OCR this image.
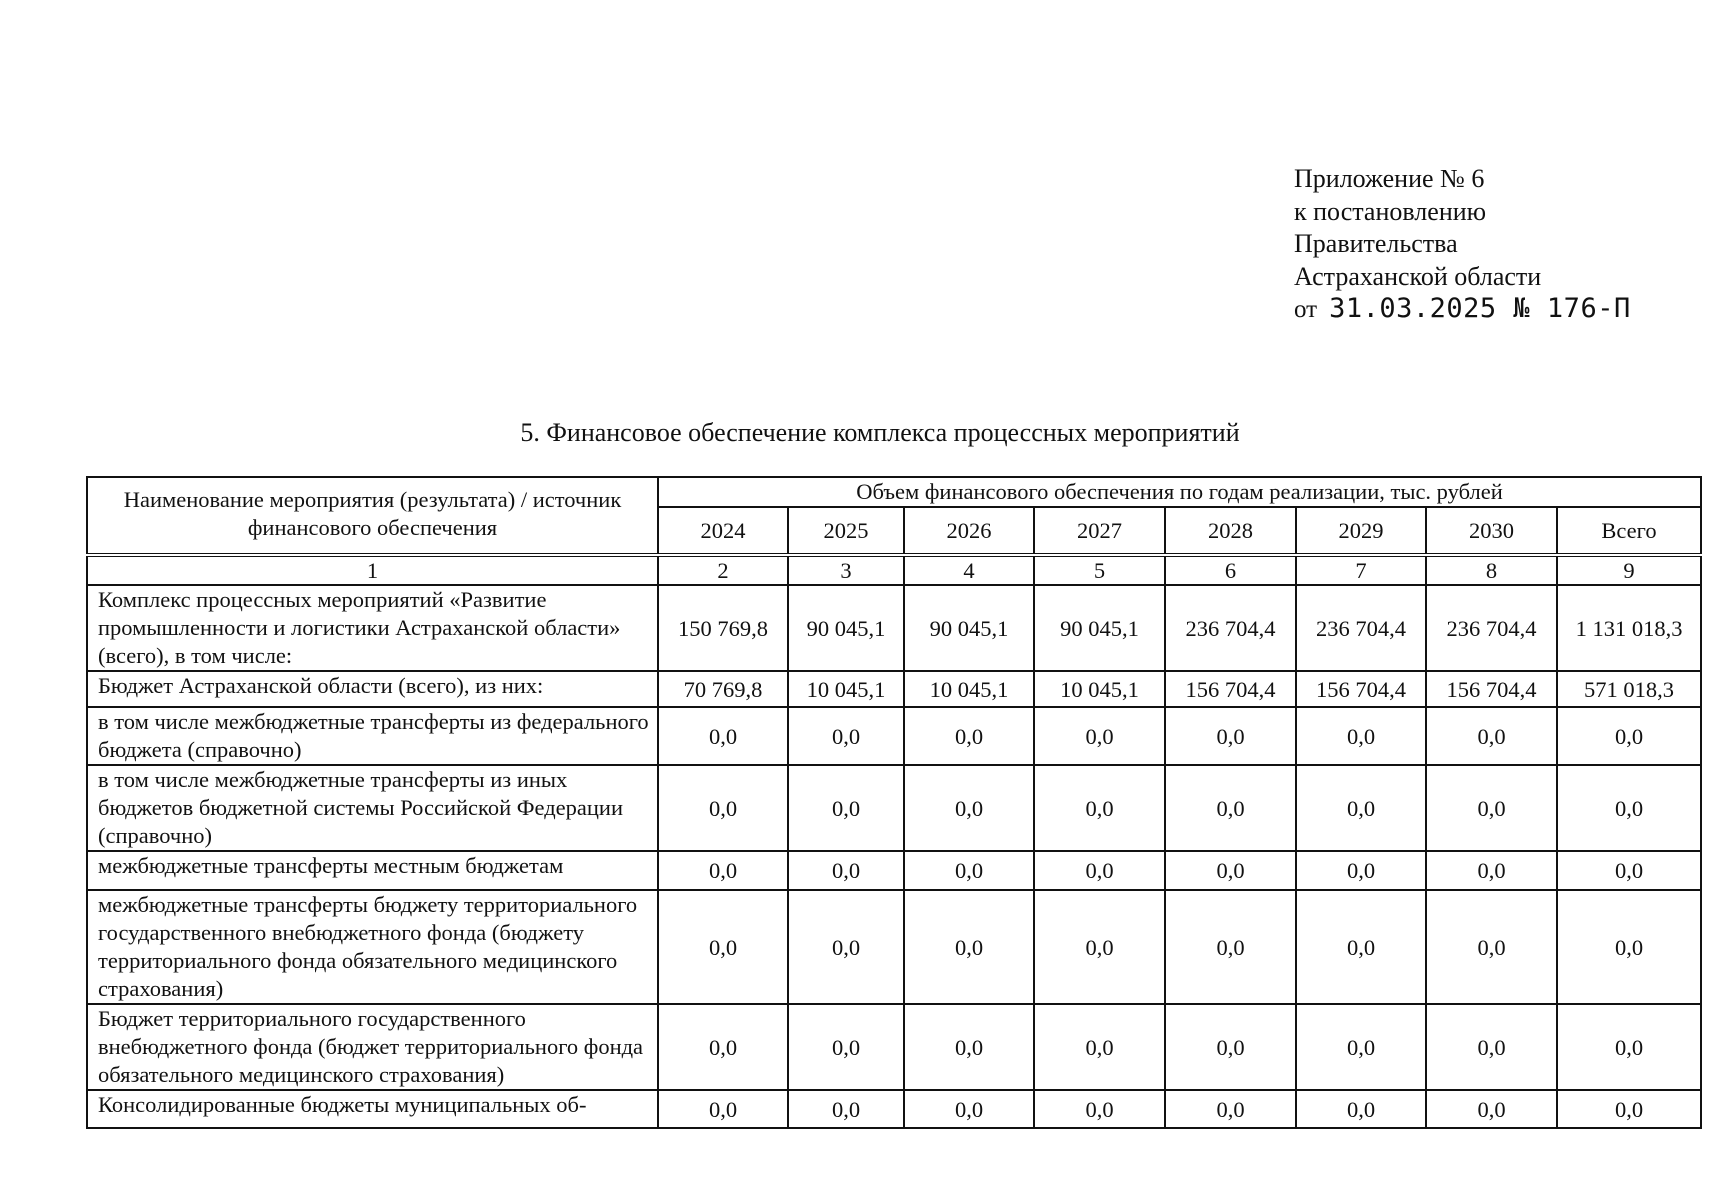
Приложение № 6
к постановлению
Правительства
Астраханской области
от 31.03.2025 № 176-П
5. Финансовое обеспечение комплекса процессных мероприятий
Наименование мероприятия (результата) / источник финансового обеспечения	Объем финансового обеспечения по годам реализации, тыс. рублей							
	2024	2025	2026	2027	2028	2029	2030	Всего
1	2	3	4	5	6	7	8	9
Комплекс процессных мероприятий «Развитие промышленности и логистики Астраханской области» (всего), в том числе:	150 769,8	90 045,1	90 045,1	90 045,1	236 704,4	236 704,4	236 704,4	1 131 018,3
Бюджет Астраханской области (всего), из них:	70 769,8	10 045,1	10 045,1	10 045,1	156 704,4	156 704,4	156 704,4	571 018,3
в том числе межбюджетные трансферты из федерального бюджета (справочно)	0,0	0,0	0,0	0,0	0,0	0,0	0,0	0,0
в том числе межбюджетные трансферты из иных бюджетов бюджетной системы Российской Федерации (справочно)	0,0	0,0	0,0	0,0	0,0	0,0	0,0	0,0
межбюджетные трансферты местным бюджетам	0,0	0,0	0,0	0,0	0,0	0,0	0,0	0,0
межбюджетные трансферты бюджету территориального государственного внебюджетного фонда (бюджету территориального фонда обязательного медицинского страхования)	0,0	0,0	0,0	0,0	0,0	0,0	0,0	0,0
Бюджет территориального государственного внебюджетного фонда (бюджет территориального фонда обязательного медицинского страхования)	0,0	0,0	0,0	0,0	0,0	0,0	0,0	0,0
Консолидированные бюджеты муниципальных об-	0,0	0,0	0,0	0,0	0,0	0,0	0,0	0,0
